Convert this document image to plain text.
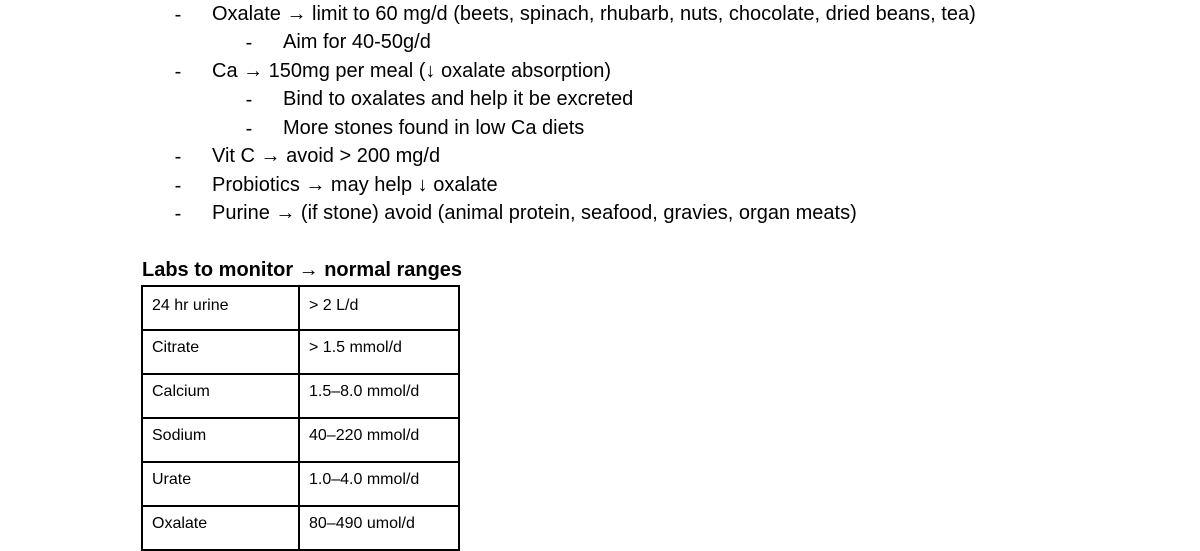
- Oxalate → limit to 60 mg/d (beets, spinach, rhubarb, nuts, chocolate, dried beans, tea)
- Aim for 40-50g/d
- Ca → 150mg per meal (↓ oxalate absorption)
- Bind to oxalates and help it be excreted
- More stones found in low Ca diets
- Vit C → avoid > 200 mg/d
- Probiotics → may help ↓ oxalate
- Purine → (if stone) avoid (animal protein, seafood, gravies, organ meats)
Labs to monitor → normal ranges
24 hr urine	> 2 L/d
Citrate	> 1.5 mmol/d
Calcium	1.5–8.0 mmol/d
Sodium	40–220 mmol/d
Urate	1.0–4.0 mmol/d
Oxalate	80–490 umol/d
